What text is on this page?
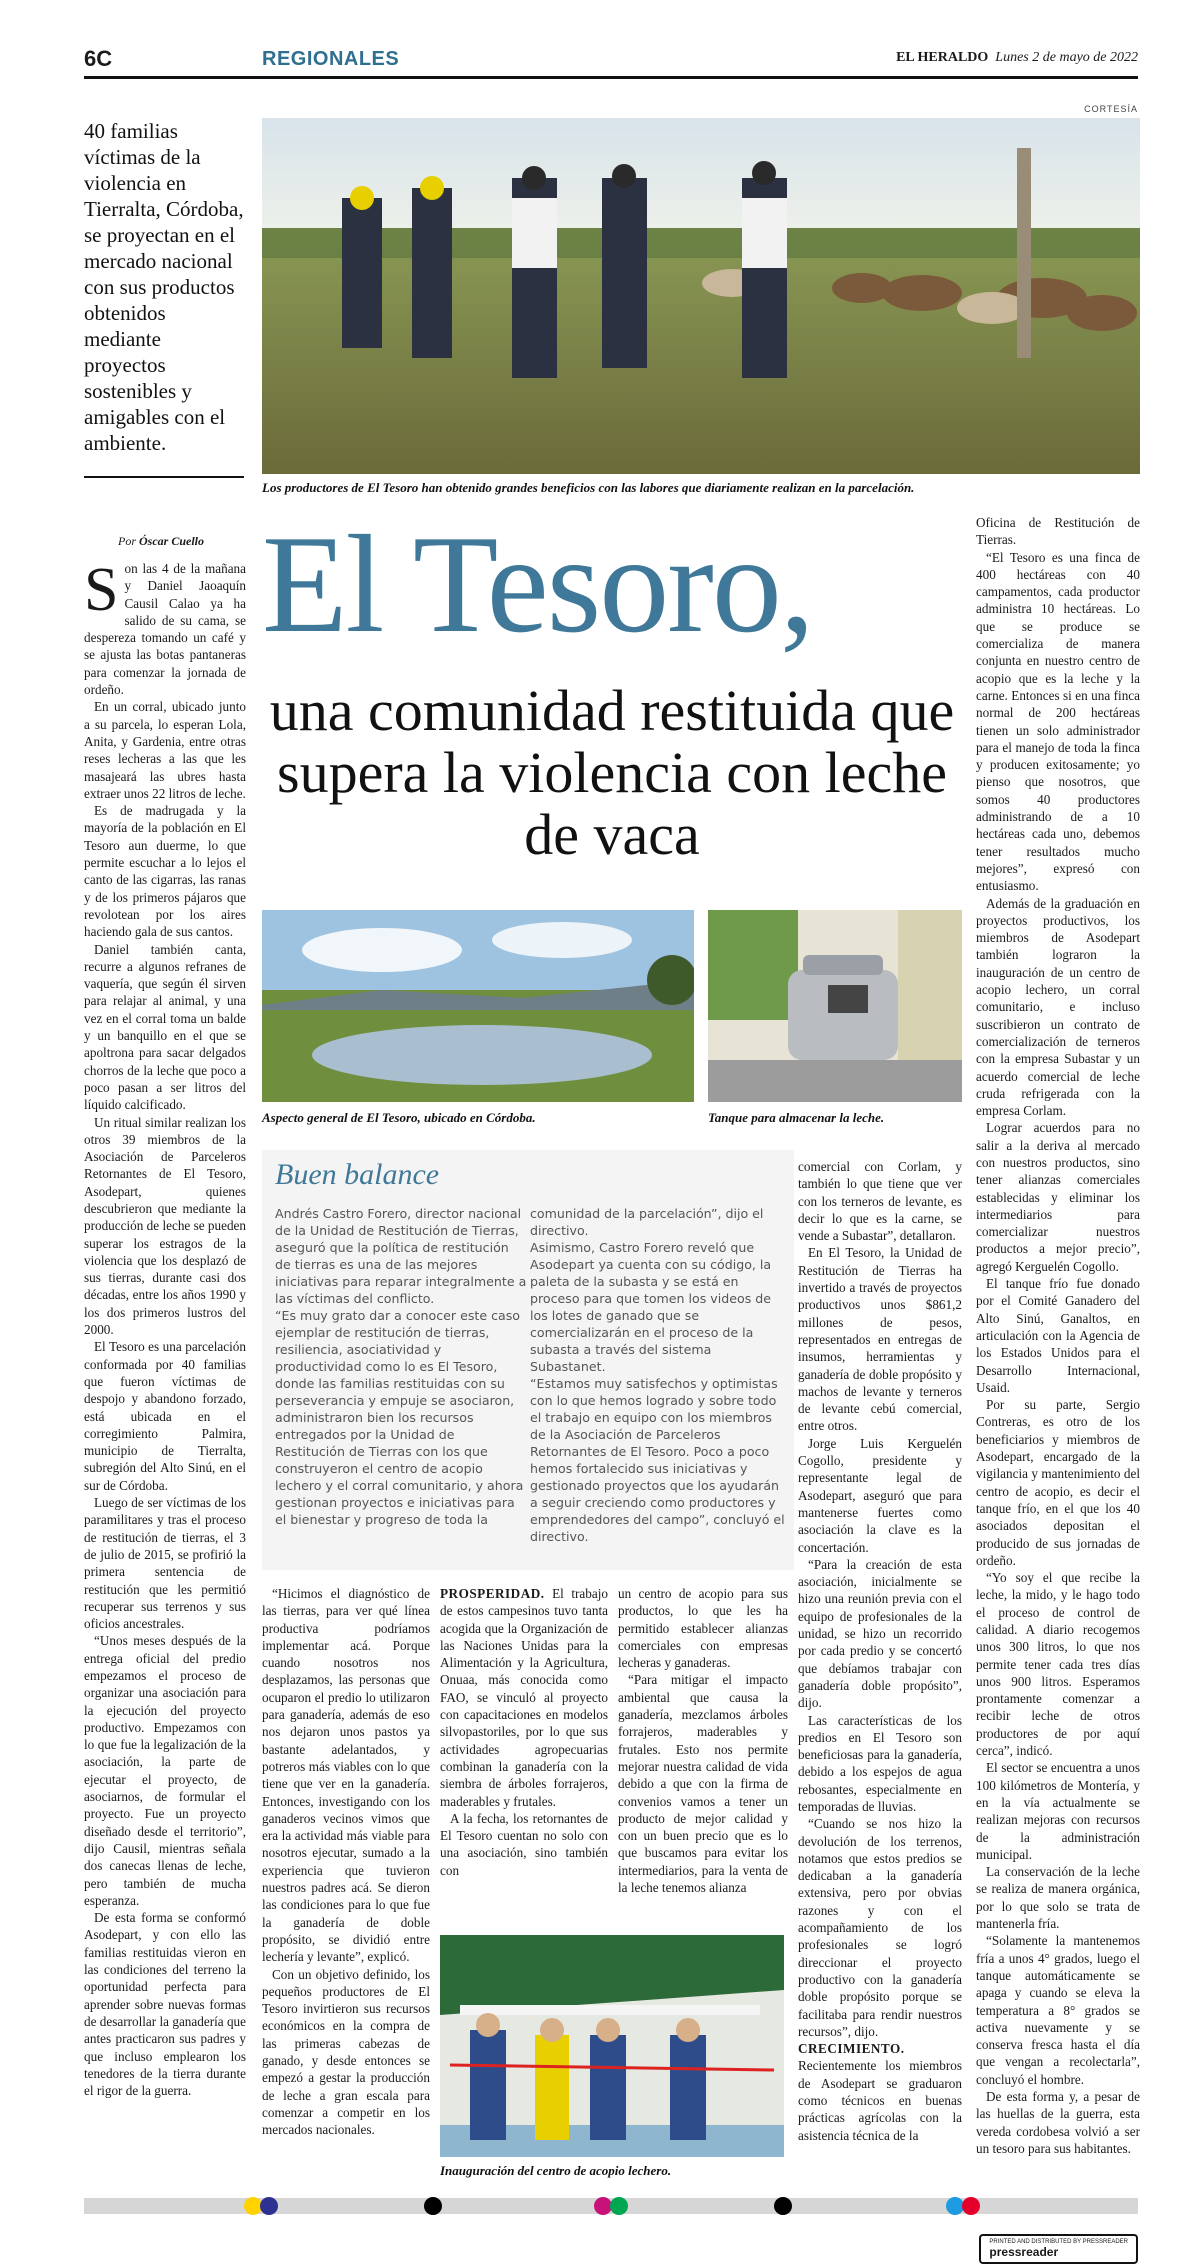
6C	REGIONALES	EL HERALDO Lunes 2 de mayo de 2022
40 familias víctimas de la violencia en Tierralta, Córdoba, se proyectan en el mercado nacional con sus productos obtenidos mediante proyectos sostenibles y amigables con el ambiente.
CORTESÍA
Los productores de El Tesoro han obtenido grandes beneficios con las labores que diariamente realizan en la parcelación.
Por Óscar Cuello El Tesoro,
una comunidad restituida que supera la violencia con leche de vaca

Son las 4 de la mañana y Daniel Jaoaquín Causil Calao ya ha salido de su cama, se despereza tomando un café y se ajusta las botas pantaneras para comenzar la jornada de ordeño.

En un corral, ubicado junto a su parcela, lo esperan Lola, Anita, y Gardenia, entre otras reses lecheras a las que les masajeará las ubres hasta extraer unos 22 litros de leche.

Es de madrugada y la mayoría de la población en El Tesoro aun duerme, lo que permite escuchar a lo lejos el canto de las cigarras, las ranas y de los primeros pájaros que revolotean por los aires haciendo gala de sus cantos.

Daniel también canta, recurre a algunos refranes de vaquería, que según él sirven para relajar al animal, y una vez en el corral toma un balde y un banquillo en el que se apoltrona para sacar delgados chorros de la leche que poco a poco pasan a ser litros del líquido calcificado.

Un ritual similar realizan los otros 39 miembros de la Asociación de Parceleros Retornantes de El Tesoro, Asodepart, quienes descubrieron que mediante la producción de leche se pueden superar los estragos de la violencia que los desplazó de sus tierras, durante casi dos décadas, entre los años 1990 y los dos primeros lustros del 2000.

El Tesoro es una parcelación conformada por 40 familias que fueron víctimas de despojo y abandono forzado, está ubicada en el corregimiento Palmira, municipio de Tierralta, subregión del Alto Sinú, en el sur de Córdoba.

Luego de ser víctimas de los paramilitares y tras el proceso de restitución de tierras, el 3 de julio de 2015, se profirió la primera sentencia de restitución que les permitió recuperar sus terrenos y sus oficios ancestrales.

“Unos meses después de la entrega oficial del predio empezamos el proceso de organizar una asociación para la ejecución del proyecto productivo. Empezamos con lo que fue la legalización de la asociación, la parte de ejecutar el proyecto, de asociarnos, de formular el proyecto. Fue un proyecto diseñado desde el territorio”, dijo Causil, mientras señala dos canecas llenas de leche, pero también de mucha esperanza.

De esta forma se conformó Asodepart, y con ello las familias restituidas vieron en las condiciones del terreno la oportunidad perfecta para aprender sobre nuevas formas de desarrollar la ganadería que antes practicaron sus padres y que incluso emplearon los tenedores de la tierra durante el rigor de la guerra.

Aspecto general de El Tesoro, ubicado en Córdoba.	Tanque para almacenar la leche.
Buen balance

Andrés Castro Forero, director nacional de la Unidad de Restitución de Tierras, aseguró que la política de restitución de tierras es una de las mejores iniciativas para reparar integralmente a las víctimas del conflicto.

“Es muy grato dar a conocer este caso ejemplar de restitución de tierras, resiliencia, asociatividad y productividad como lo es El Tesoro, donde las familias restituidas con su perseverancia y empuje se asociaron, administraron bien los recursos entregados por la Unidad de Restitución de Tierras con los que construyeron el centro de acopio lechero y el corral comunitario, y ahora gestionan proyectos e iniciativas para el bienestar y progreso de toda la

comunidad de la parcelación”, dijo el directivo.

Asimismo, Castro Forero reveló que Asodepart ya cuenta con su código, la paleta de la subasta y se está en proceso para que tomen los videos de los lotes de ganado que se comercializarán en el proceso de la subasta a través del sistema Subastanet.

“Estamos muy satisfechos y optimistas con lo que hemos logrado y sobre todo el trabajo en equipo con los miembros de la Asociación de Parceleros Retornantes de El Tesoro. Poco a poco hemos fortalecido sus iniciativas y gestionado proyectos que los ayudarán a seguir creciendo como productores y emprendedores del campo”, concluyó el directivo.

“Hicimos el diagnóstico de las tierras, para ver qué línea productiva podríamos implementar acá. Porque cuando nosotros nos desplazamos, las personas que ocuparon el predio lo utilizaron para ganadería, además de eso nos dejaron unos pastos ya bastante adelantados, y potreros más viables con lo que tiene que ver en la ganadería. Entonces, investigando con los ganaderos vecinos vimos que era la actividad más viable para nosotros ejecutar, sumado a la experiencia que tuvieron nuestros padres acá. Se dieron las condiciones para lo que fue la ganadería de doble propósito, se dividió entre lechería y levante”, explicó.

Con un objetivo definido, los pequeños productores de El Tesoro invirtieron sus recursos económicos en la compra de las primeras cabezas de ganado, y desde entonces se empezó a gestar la producción de leche a gran escala para comenzar a competir en los mercados nacionales.

PROSPERIDAD. El trabajo de estos campesinos tuvo tanta acogida que la Organización de las Naciones Unidas para la Alimentación y la Agricultura, Onuaa, más conocida como FAO, se vinculó al proyecto con capacitaciones en modelos silvopastoriles, por lo que sus actividades agropecuarias combinan la ganadería con la siembra de árboles forrajeros, maderables y frutales.

A la fecha, los retornantes de El Tesoro cuentan no solo con una asociación, sino también con

un centro de acopio para sus productos, lo que les ha permitido establecer alianzas comerciales con empresas lecheras y ganaderas.

“Para mitigar el impacto ambiental que causa la ganadería, mezclamos árboles forrajeros, maderables y frutales. Esto nos permite mejorar nuestra calidad de vida debido a que con la firma de convenios vamos a tener un producto de mejor calidad y con un buen precio que es lo que buscamos para evitar los intermediarios, para la venta de la leche tenemos alianza

Inauguración del centro de acopio lechero.

comercial con Corlam, y también lo que tiene que ver con los terneros de levante, es decir lo que es la carne, se vende a Subastar”, detallaron.

En El Tesoro, la Unidad de Restitución de Tierras ha invertido a través de proyectos productivos unos $861,2 millones de pesos, representados en entregas de insumos, herramientas y ganadería de doble propósito y machos de levante y terneros de levante cebú comercial, entre otros.

Jorge Luis Kerguelén Cogollo, presidente y representante legal de Asodepart, aseguró que para mantenerse fuertes como asociación la clave es la concertación.

“Para la creación de esta asociación, inicialmente se hizo una reunión previa con el equipo de profesionales de la unidad, se hizo un recorrido por cada predio y se concertó que debíamos trabajar con ganadería doble propósito”, dijo.

Las características de los predios en El Tesoro son beneficiosas para la ganadería, debido a los espejos de agua rebosantes, especialmente en temporadas de lluvias.

“Cuando se nos hizo la devolución de los terrenos, notamos que estos predios se dedicaban a la ganadería extensiva, pero por obvias razones y con el acompañamiento de los profesionales se logró direccionar el proyecto productivo con la ganadería doble propósito porque se facilitaba para rendir nuestros recursos”, dijo.

CRECIMIENTO. Recientemente los miembros de Asodepart se graduaron como técnicos en buenas prácticas agrícolas con la asistencia técnica de la

Oficina de Restitución de Tierras.

“El Tesoro es una finca de 400 hectáreas con 40 campamentos, cada productor administra 10 hectáreas. Lo que se produce se comercializa de manera conjunta en nuestro centro de acopio que es la leche y la carne. Entonces si en una finca normal de 200 hectáreas tienen un solo administrador para el manejo de toda la finca y producen exitosamente; yo pienso que nosotros, que somos 40 productores administrando de a 10 hectáreas cada uno, debemos tener resultados mucho mejores”, expresó con entusiasmo.

Además de la graduación en proyectos productivos, los miembros de Asodepart también lograron la inauguración de un centro de acopio lechero, un corral comunitario, e incluso suscribieron un contrato de comercialización de terneros con la empresa Subastar y un acuerdo comercial de leche cruda refrigerada con la empresa Corlam.

Lograr acuerdos para no salir a la deriva al mercado con nuestros productos, sino tener alianzas comerciales establecidas y eliminar los intermediarios para comercializar nuestros productos a mejor precio”, agregó Kerguelén Cogollo.

El tanque frío fue donado por el Comité Ganadero del Alto Sinú, Ganaltos, en articulación con la Agencia de los Estados Unidos para el Desarrollo Internacional, Usaid.

Por su parte, Sergio Contreras, es otro de los beneficiarios y miembros de Asodepart, encargado de la vigilancia y mantenimiento del centro de acopio, es decir el tanque frío, en el que los 40 asociados depositan el producido de sus jornadas de ordeño.

“Yo soy el que recibe la leche, la mido, y le hago todo el proceso de control de calidad. A diario recogemos unos 300 litros, lo que nos permite tener cada tres días unos 900 litros. Esperamos prontamente comenzar a recibir leche de otros productores de por aquí cerca”, indicó.

El sector se encuentra a unos 100 kilómetros de Montería, y en la vía actualmente se realizan mejoras con recursos de la administración municipal.

La conservación de la leche se realiza de manera orgánica, por lo que solo se trata de mantenerla fría.

“Solamente la mantenemos fría a unos 4° grados, luego el tanque automáticamente se apaga y cuando se eleva la temperatura a 8° grados se activa nuevamente y se conserva fresca hasta el día que vengan a recolectarla”, concluyó el hombre.

De esta forma y, a pesar de las huellas de la guerra, esta vereda cordobesa volvió a ser un tesoro para sus habitantes.

PRINTED AND DISTRIBUTED BY PRESSREADER
pressreader
